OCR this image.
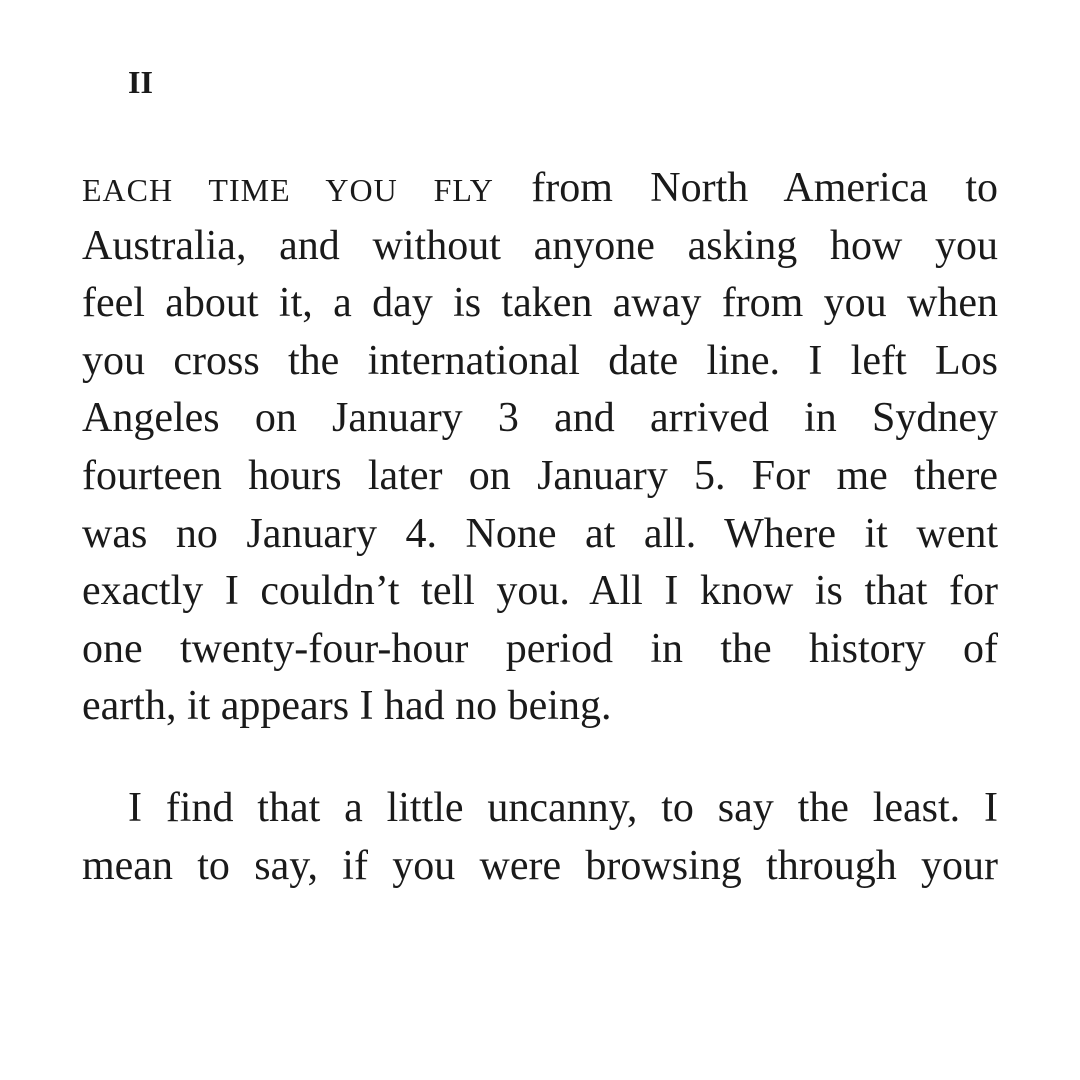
II

EACH TIME YOU FLY from North America to
Australia, and without anyone asking how you
feel about it, a day is taken away from you when
you cross the international date line. I left Los
Angeles on January 3 and arrived in Sydney
fourteen hours later on January 5. For me there
was no January 4. None at all. Where it went
exactly I couldn’t tell you. All I know is that for
one twenty-four-hour period in the history of
earth, it appears I had no being.

I find that a little uncanny, to say the least. I
mean to say, if you were browsing through your
